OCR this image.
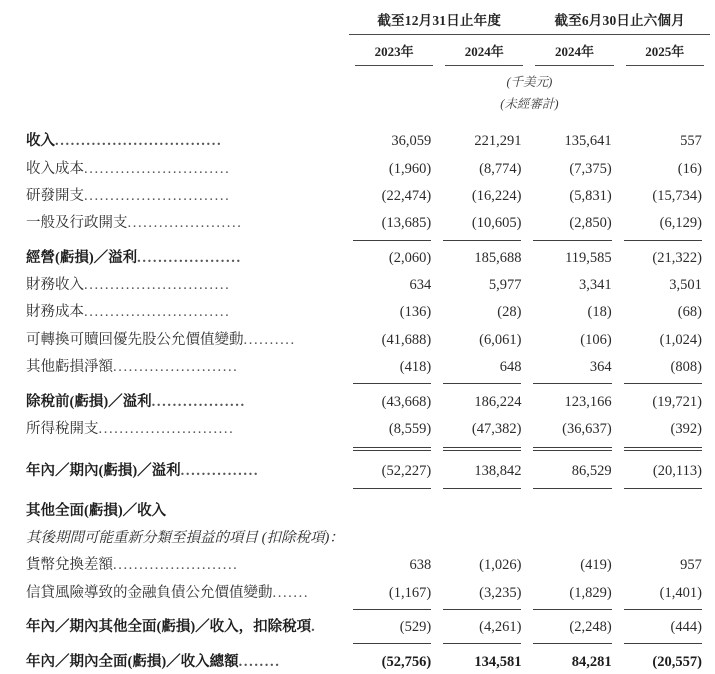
	截至12月31日止年度		截至6月30日止六個月		

	2023年	2024年	2024年	2025年	

	(千美元)				
	(未經審計)				

收入................................	36,059	221,291	135,641	557	
收入成本............................	(1,960)	(8,774)	(7,375)	(16)	
研發開支............................	(22,474)	(16,224)	(5,831)	(15,734)	
一般及行政開支......................	(13,685)	(10,605)	(2,850)	(6,129)	

經營(虧損)／溢利....................	(2,060)	185,688	119,585	(21,322)	
財務收入............................	634	5,977	3,341	3,501	
財務成本............................	(136)	(28)	(18)	(68)	
可轉換可贖回優先股公允價值變動..........	(41,688)	(6,061)	(106)	(1,024)	
其他虧損淨額........................	(418)	648	364	(808)	

除稅前(虧損)／溢利..................	(43,668)	186,224	123,166	(19,721)	
所得稅開支..........................	(8,559)	(47,382)	(36,637)	(392)	

年內／期內(虧損)／溢利...............	(52,227)	138,842	86,529	(20,113)	

其他全面(虧損)／收入					
其後期間可能重新分類至損益的項目 (扣除稅項)：					
貨幣兌換差額........................	638	(1,026)	(419)	957	
信貸風險導致的金融負債公允價值變動.......	(1,167)	(3,235)	(1,829)	(1,401)	

年內／期內其他全面(虧損)／收入，扣除稅項.	(529)	(4,261)	(2,248)	(444)	

年內／期內全面(虧損)／收入總額........	(52,756)	134,581	84,281	(20,557)	
